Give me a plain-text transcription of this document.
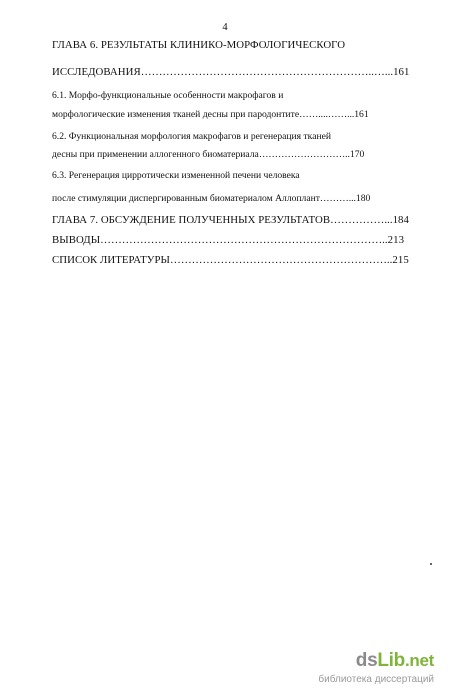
4
ГЛАВА 6. РЕЗУЛЬТАТЫ КЛИНИКО-МОРФОЛОГИЧЕСКОГО
ИССЛЕДОВАНИЯ………………………………………………………..…...161
6.1. Морфо-функциональные особенности макрофагов и
морфологические изменения тканей десны при пародонтите……....……...161
6.2. Функциональная морфология макрофагов и регенерация тканей
десны при применении аллогенного биоматериала………………………..170
6.3. Регенерация цирротически измененной печени человека
после стимуляции диспергированным биоматериалом Аллоплант………...180
ГЛАВА 7. ОБСУЖДЕНИЕ ПОЛУЧЕННЫХ РЕЗУЛЬТАТОВ……………...184
ВЫВОДЫ……………………………………………………………………..213
СПИСОК ЛИТЕРАТУРЫ……………………………………………………..215
dsLib.net
библиотека диссертаций
